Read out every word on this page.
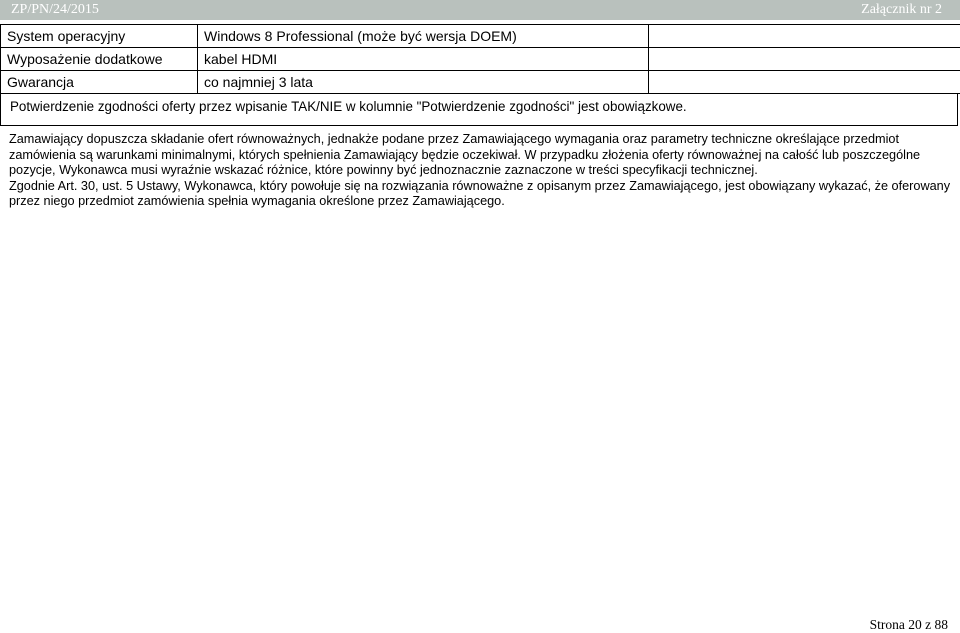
ZP/PN/24/2015	Załącznik nr 2
System operacyjny	Windows 8 Professional (może być wersja DOEM)	
Wyposażenie dodatkowe	kabel HDMI	
Gwarancja	co najmniej 3 lata	
Potwierdzenie zgodności oferty przez wpisanie TAK/NIE w kolumnie "Potwierdzenie zgodności" jest obowiązkowe.

Zamawiający dopuszcza składanie ofert równoważnych, jednakże podane przez Zamawiającego wymagania oraz parametry techniczne określające przedmiot zamówienia są warunkami minimalnymi, których spełnienia Zamawiający będzie oczekiwał. W przypadku złożenia oferty równoważnej na całość lub poszczególne pozycje, Wykonawca musi wyraźnie wskazać różnice, które powinny być jednoznacznie zaznaczone w treści specyfikacji technicznej.

Zgodnie Art. 30, ust. 5 Ustawy, Wykonawca, który powołuje się na rozwiązania równoważne z opisanym przez Zamawiającego, jest obowiązany wykazać, że oferowany przez niego przedmiot zamówienia spełnia wymagania określone przez Zamawiającego.

Strona 20 z 88
